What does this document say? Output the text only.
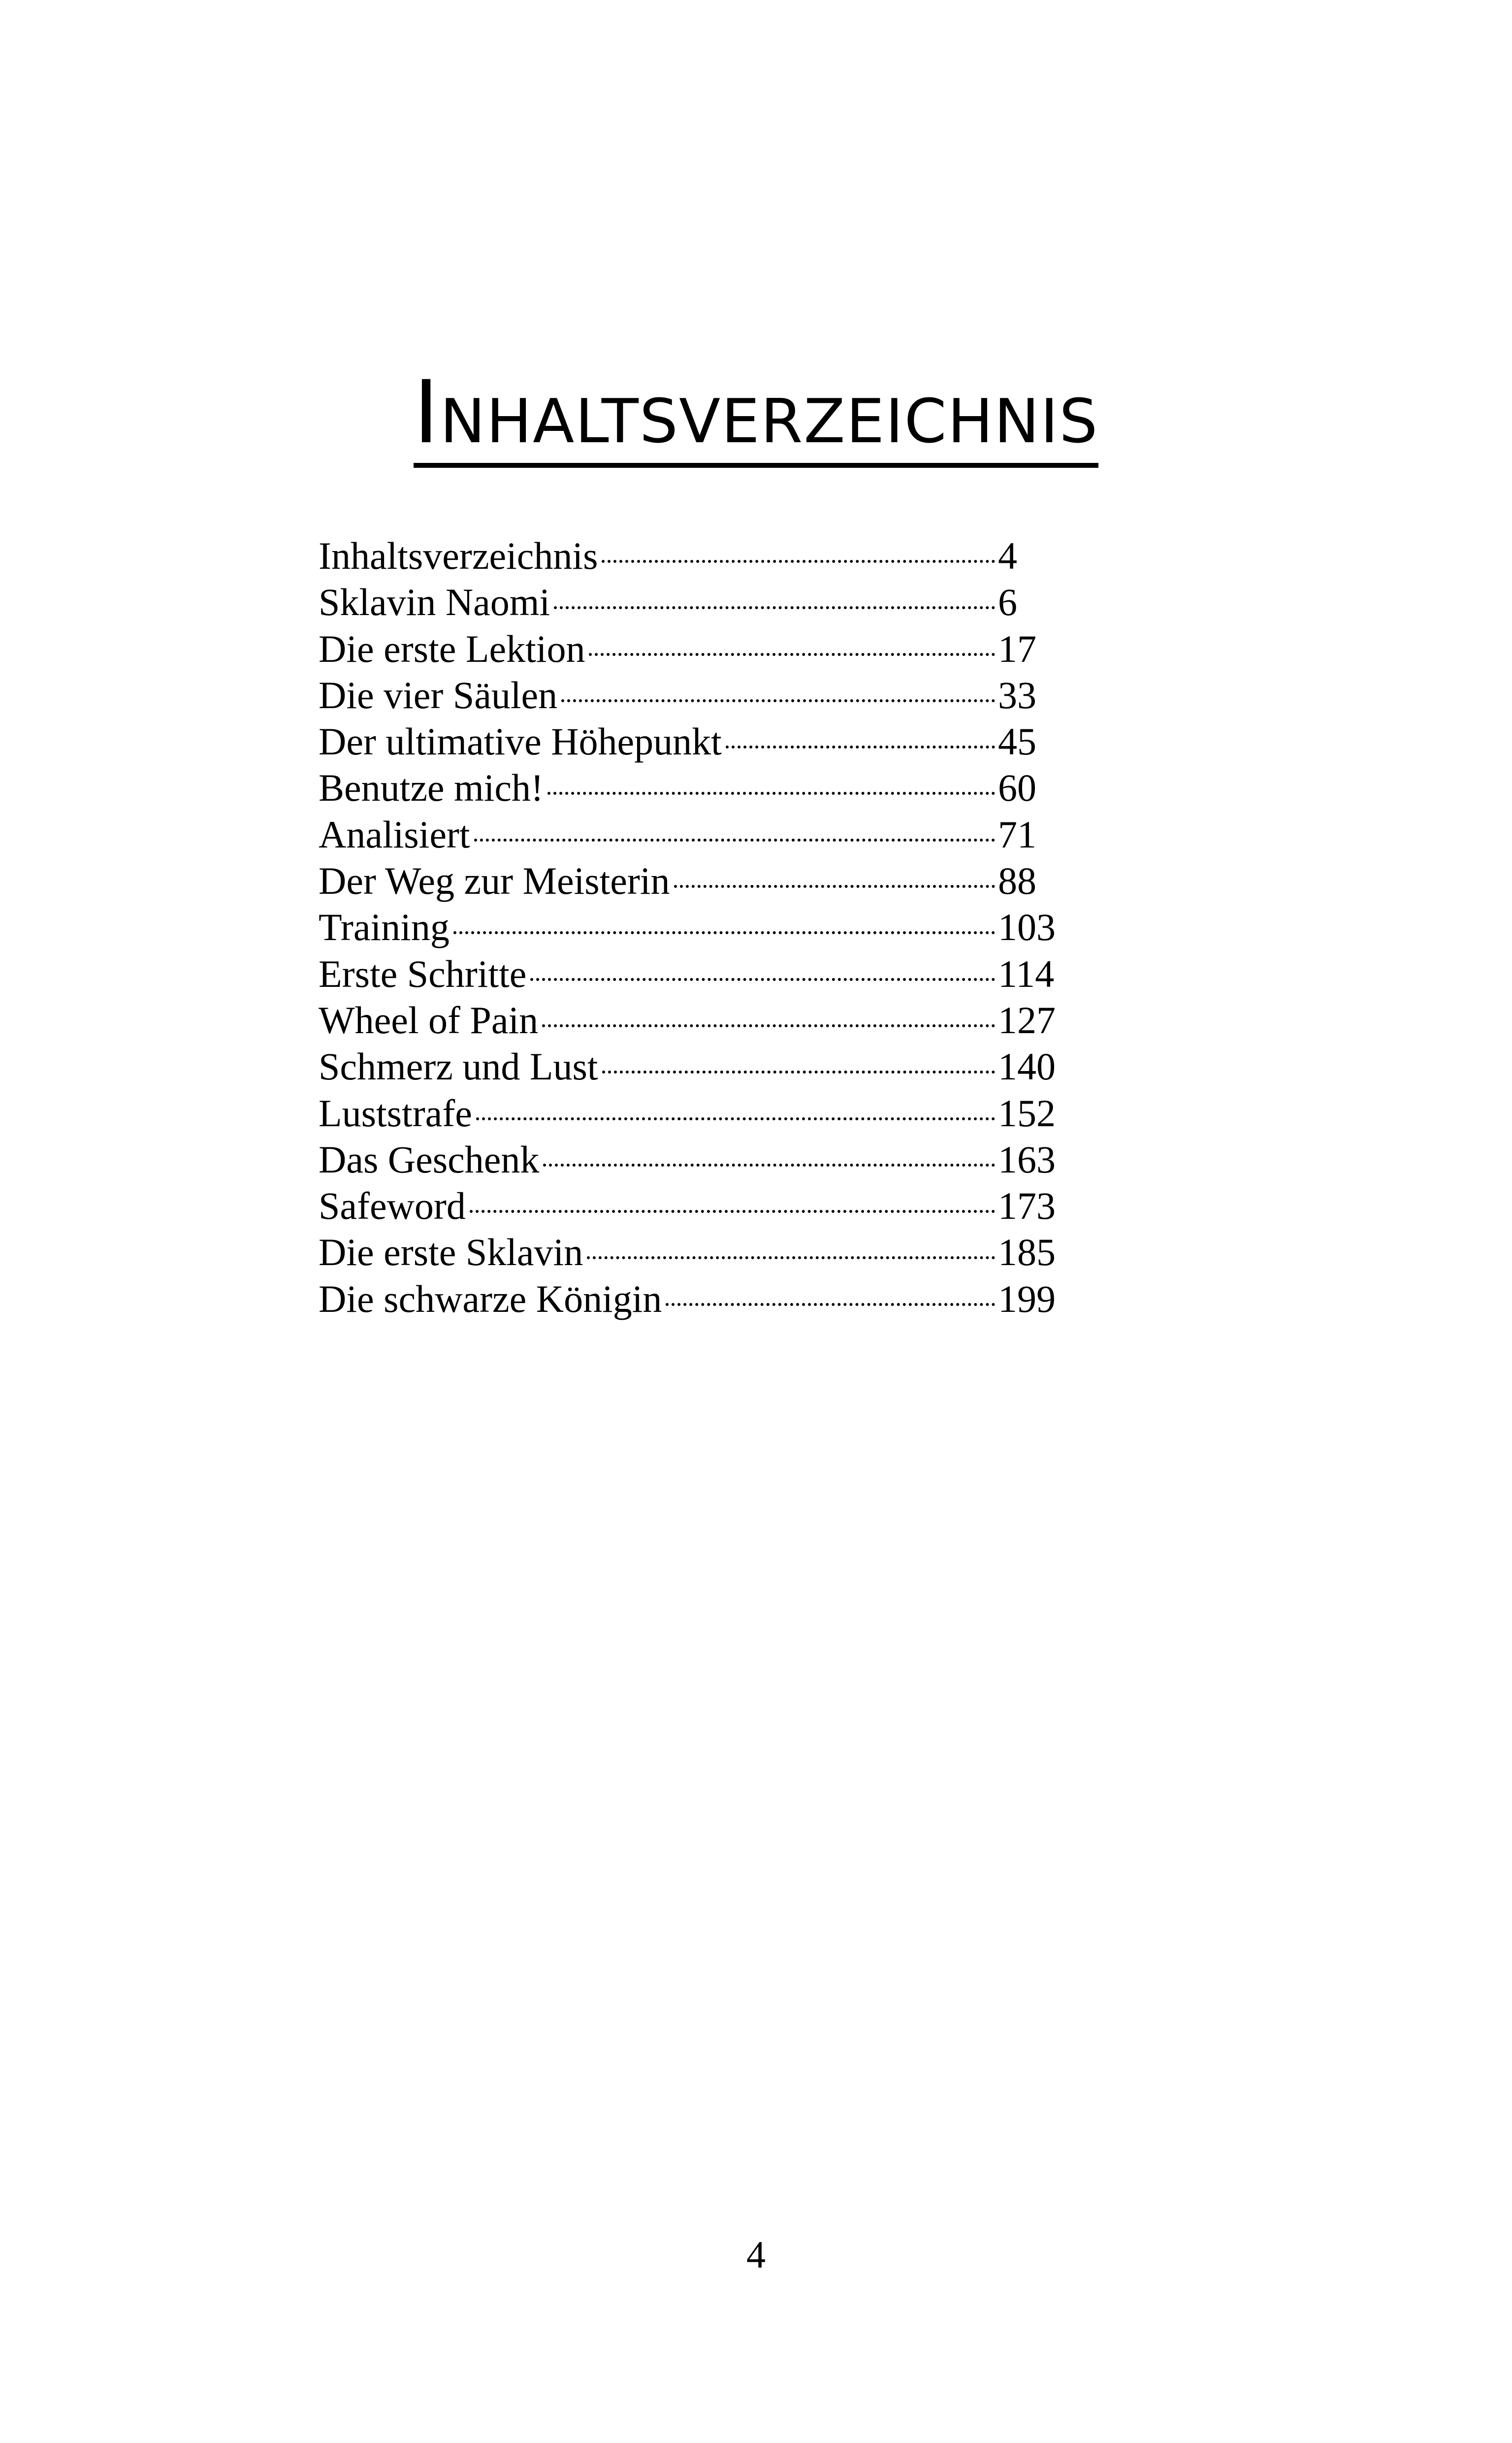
Inhaltsverzeichnis
Inhaltsverzeichnis	4
Sklavin Naomi	6
Die erste Lektion	17
Die vier Säulen	33
Der ultimative Höhepunkt	45
Benutze mich!	60
Analisiert	71
Der Weg zur Meisterin	88
Training	103
Erste Schritte	114
Wheel of Pain	127
Schmerz und Lust	140
Luststrafe	152
Das Geschenk	163
Safeword	173
Die erste Sklavin	185
Die schwarze Königin	199
4
